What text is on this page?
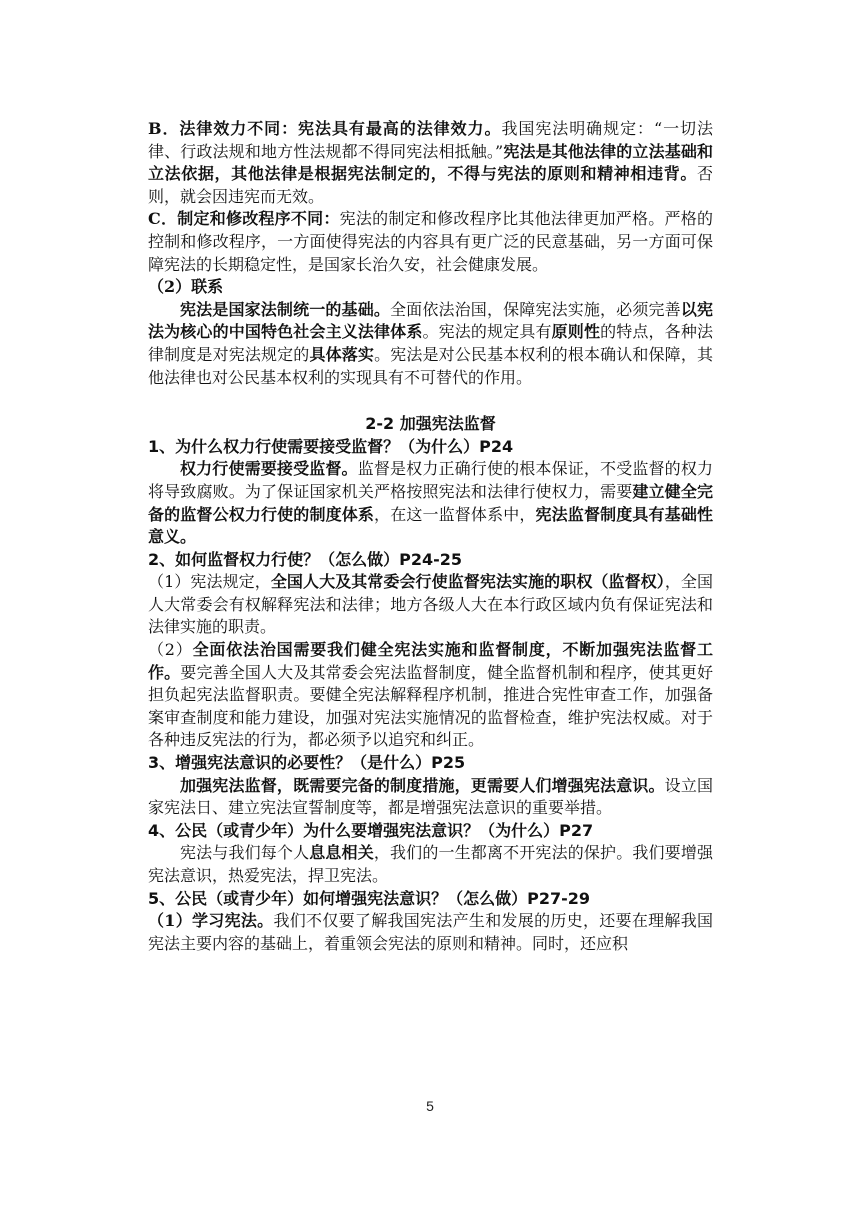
B．法律效力不同：宪法具有最高的法律效力。我国宪法明确规定：“一切法律、行政法规和地方性法规都不得同宪法相抵触。”宪法是其他法律的立法基础和立法依据，其他法律是根据宪法制定的，不得与宪法的原则和精神相违背。否则，就会因违宪而无效。

C．制定和修改程序不同：宪法的制定和修改程序比其他法律更加严格。严格的控制和修改程序，一方面使得宪法的内容具有更广泛的民意基础，另一方面可保障宪法的长期稳定性，是国家长治久安，社会健康发展。

（2）联系

宪法是国家法制统一的基础。全面依法治国，保障宪法实施，必须完善以宪法为核心的中国特色社会主义法律体系。宪法的规定具有原则性的特点，各种法律制度是对宪法规定的具体落实。宪法是对公民基本权利的根本确认和保障，其他法律也对公民基本权利的实现具有不可替代的作用。

2-2 加强宪法监督

1、为什么权力行使需要接受监督？（为什么）P24

权力行使需要接受监督。监督是权力正确行使的根本保证，不受监督的权力将导致腐败。为了保证国家机关严格按照宪法和法律行使权力，需要建立健全完备的监督公权力行使的制度体系，在这一监督体系中，宪法监督制度具有基础性意义。

2、如何监督权力行使？（怎么做）P24-25

（1）宪法规定，全国人大及其常委会行使监督宪法实施的职权（监督权），全国人大常委会有权解释宪法和法律；地方各级人大在本行政区域内负有保证宪法和法律实施的职责。

（2）全面依法治国需要我们健全宪法实施和监督制度，不断加强宪法监督工作。要完善全国人大及其常委会宪法监督制度，健全监督机制和程序，使其更好担负起宪法监督职责。要健全宪法解释程序机制，推进合宪性审查工作，加强备案审查制度和能力建设，加强对宪法实施情况的监督检查，维护宪法权威。对于各种违反宪法的行为，都必须予以追究和纠正。

3、增强宪法意识的必要性？（是什么）P25

加强宪法监督，既需要完备的制度措施，更需要人们增强宪法意识。设立国家宪法日、建立宪法宣誓制度等，都是增强宪法意识的重要举措。

4、公民（或青少年）为什么要增强宪法意识？（为什么）P27

宪法与我们每个人息息相关，我们的一生都离不开宪法的保护。我们要增强宪法意识，热爱宪法，捍卫宪法。

5、公民（或青少年）如何增强宪法意识？（怎么做）P27-29

（1）学习宪法。我们不仅要了解我国宪法产生和发展的历史，还要在理解我国宪法主要内容的基础上，着重领会宪法的原则和精神。同时，还应积

5
